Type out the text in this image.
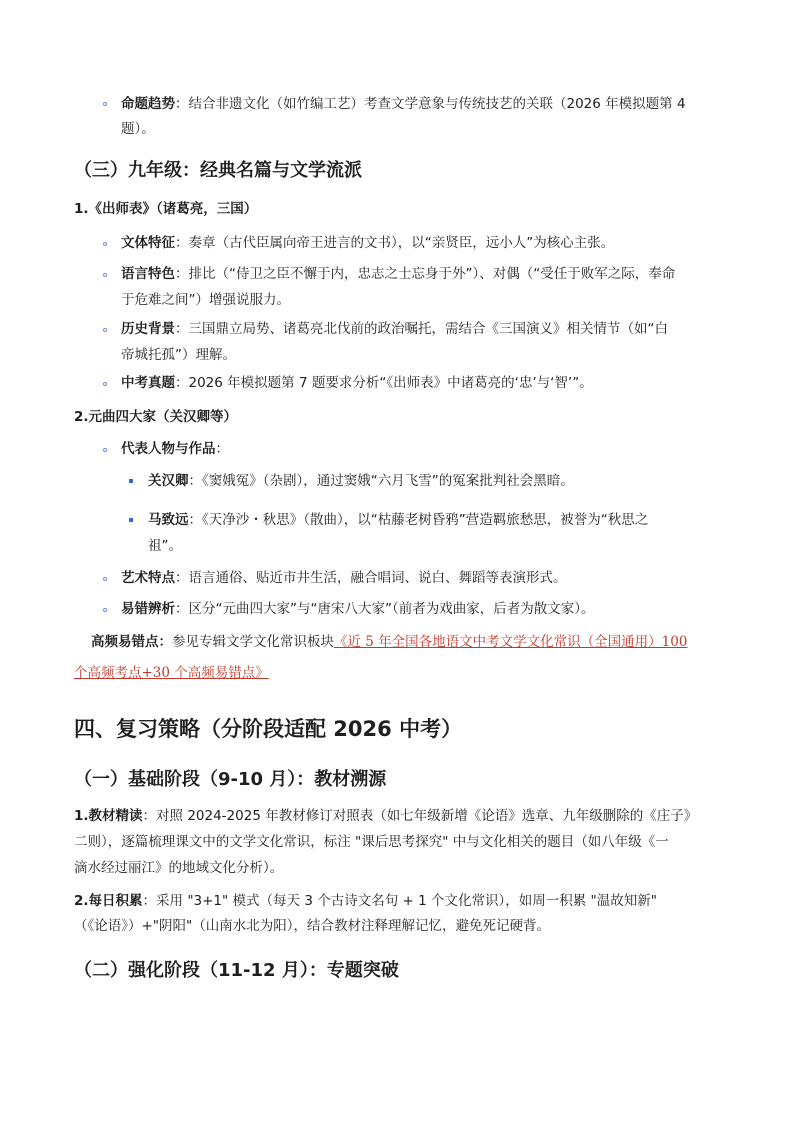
命题趋势：结合非遗文化（如竹编工艺）考查文学意象与传统技艺的关联（2026 年模拟题第 4
题）。
（三）九年级：经典名篇与文学流派
1.《出师表》（诸葛亮，三国）
文体特征：奏章（古代臣属向帝王进言的文书），以“亲贤臣，远小人”为核心主张。
语言特色：排比（“侍卫之臣不懈于内，忠志之士忘身于外”）、对偶（“受任于败军之际，奉命
于危难之间”）增强说服力。
历史背景：三国鼎立局势、诸葛亮北伐前的政治嘱托，需结合《三国演义》相关情节（如“白
帝城托孤”）理解。
中考真题：2026 年模拟题第 7 题要求分析“《出师表》中诸葛亮的‘忠’与‘智’”。
2.元曲四大家（关汉卿等）
代表人物与作品：
关汉卿：《窦娥冤》（杂剧），通过窦娥“六月飞雪”的冤案批判社会黑暗。
马致远：《天净沙・秋思》（散曲），以“枯藤老树昏鸦”营造羁旅愁思，被誉为“秋思之
祖”。
艺术特点：语言通俗、贴近市井生活，融合唱词、说白、舞蹈等表演形式。
易错辨析：区分“元曲四大家”与“唐宋八大家”（前者为戏曲家，后者为散文家）。
高频易错点：参见专辑文学文化常识板块《近 5 年全国各地语文中考文学文化常识（全国通用）100
个高频考点+30 个高频易错点》
四、复习策略（分阶段适配 2026 中考）
（一）基础阶段（9-10 月）：教材溯源
1.教材精读：对照 2024-2025 年教材修订对照表（如七年级新增《论语》选章、九年级删除的《庄子》
二则），逐篇梳理课文中的文学文化常识，标注 "课后思考探究" 中与文化相关的题目（如八年级《一
滴水经过丽江》的地域文化分析）。
2.每日积累：采用 "3+1" 模式（每天 3 个古诗文名句 + 1 个文化常识），如周一积累 "温故知新"
（《论语》）+"阴阳"（山南水北为阳），结合教材注释理解记忆，避免死记硬背。
（二）强化阶段（11-12 月）：专题突破
